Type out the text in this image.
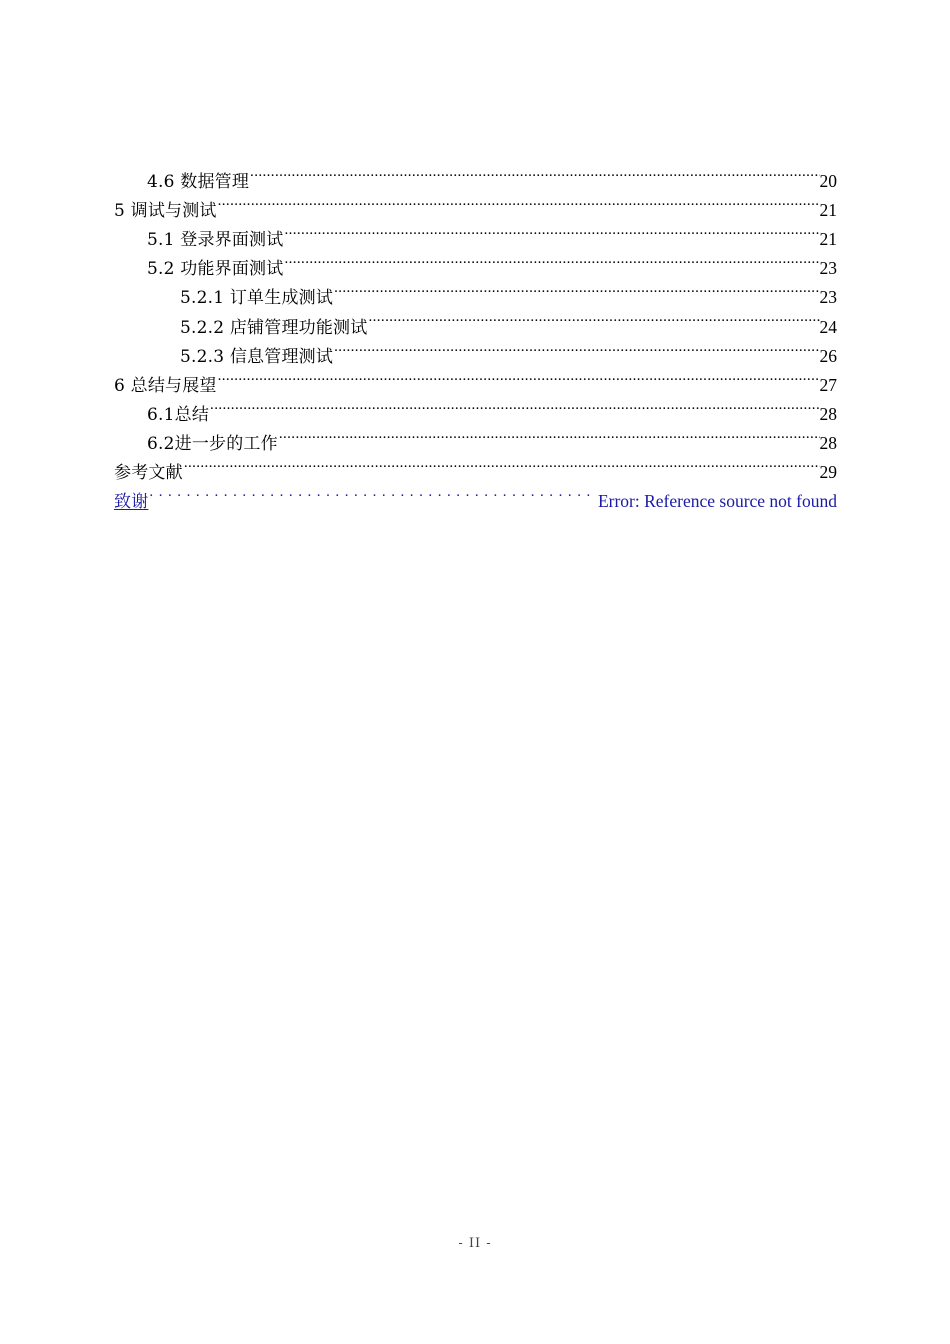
4.6 数据管理 .....	20
5 调试与测试 .....	21
5.1 登录界面测试 .....	21
5.2 功能界面测试 .....	23
5.2.1 订单生成测试 .....	23
5.2.2 店铺管理功能测试 .....	24
5.2.3 信息管理测试 .....	26
6 总结与展望 .....	27
6.1总结 .....	28
6.2进一步的工作 .....	28
参考文献 .....	29
致谢 . . .	Error: Reference source not found
- II -
